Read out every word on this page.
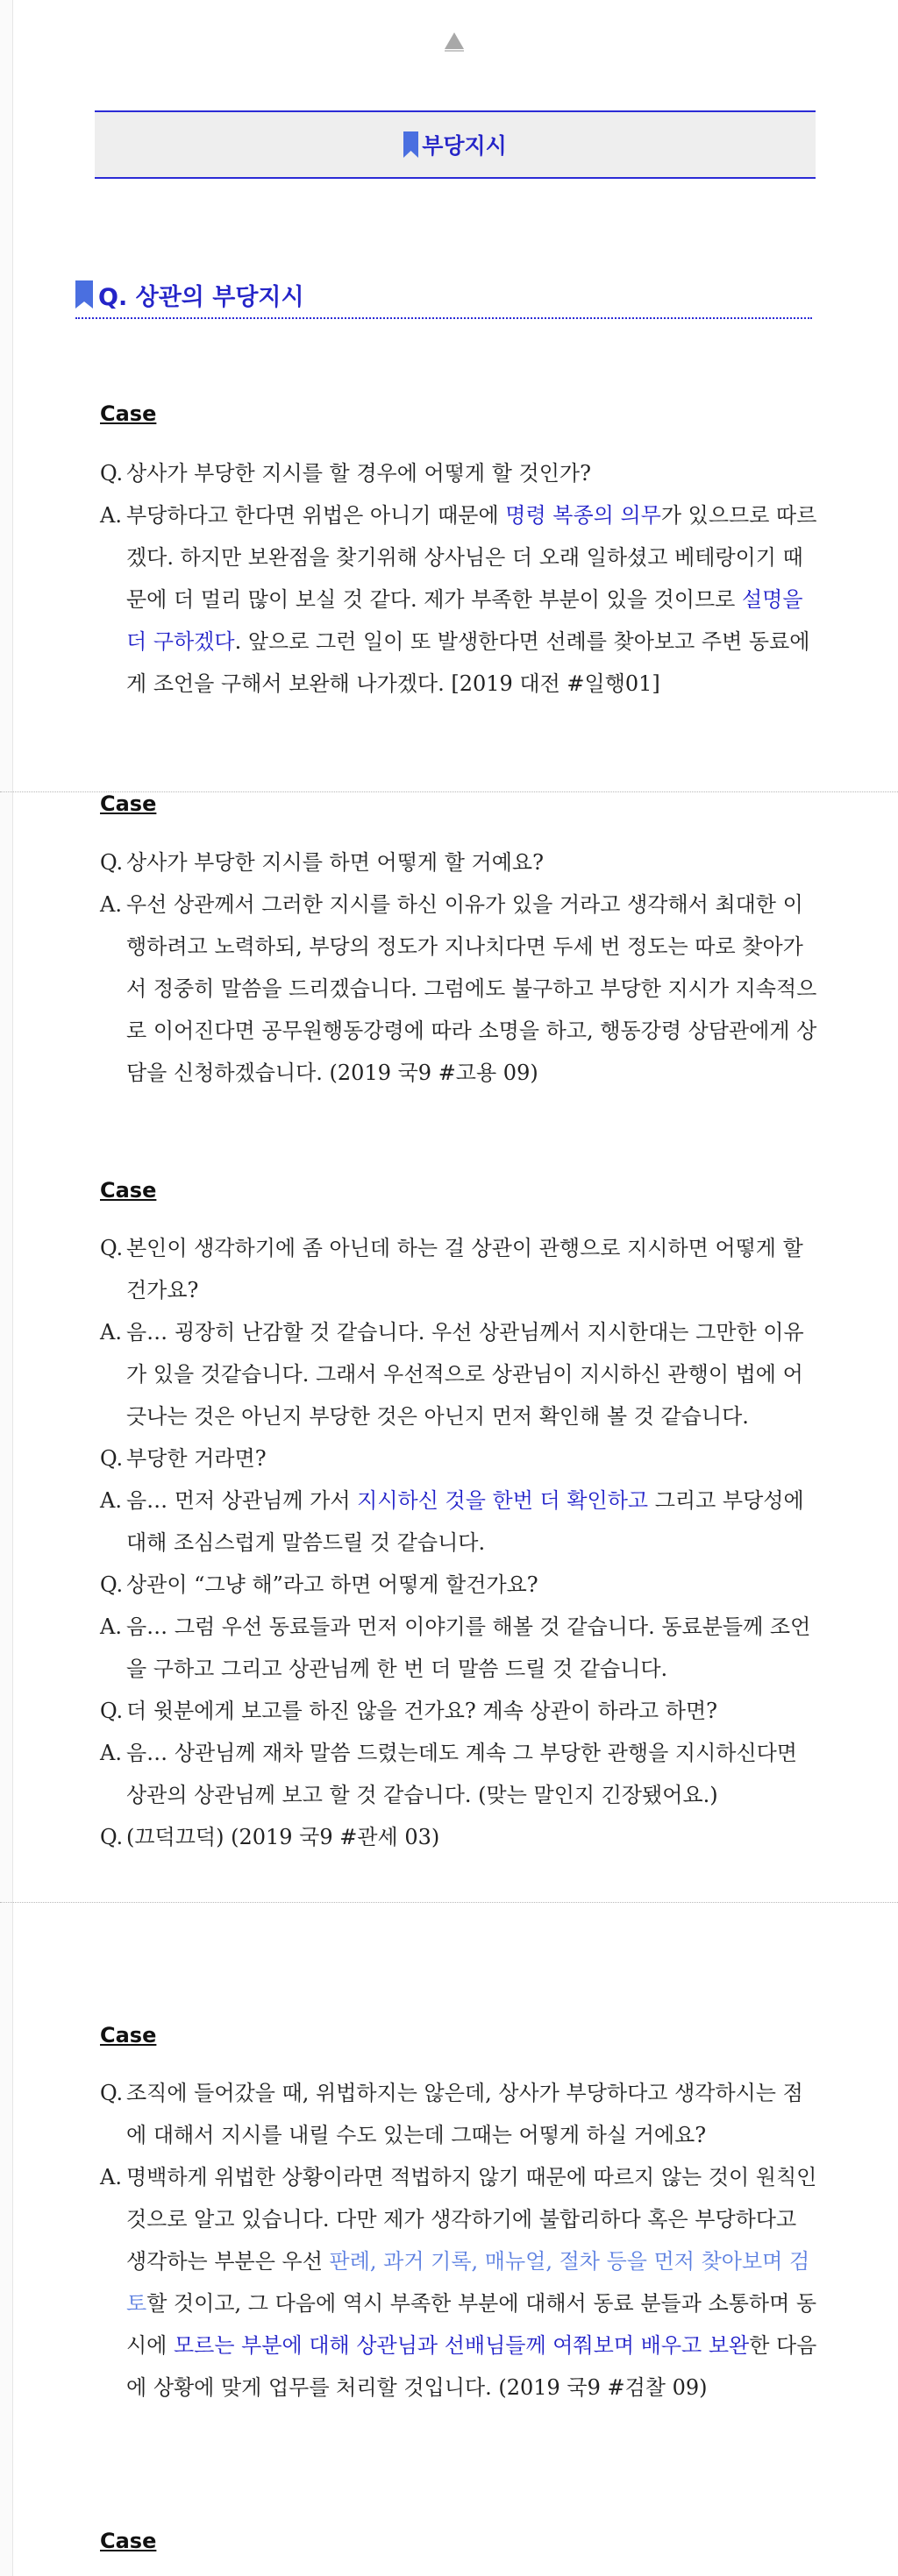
부당지시
Q. 상관의 부당지시
Case
Q. 상사가 부당한 지시를 할 경우에 어떻게 할 것인가?
A. 부당하다고 한다면 위법은 아니기 때문에 명령 복종의 의무가 있으므로 따르겠다. 하지만 보완점을 찾기위해 상사님은 더 오래 일하셨고 베테랑이기 때문에 더 멀리 많이 보실 것 같다. 제가 부족한 부분이 있을 것이므로 설명을 더 구하겠다. 앞으로 그런 일이 또 발생한다면 선례를 찾아보고 주변 동료에게 조언을 구해서 보완해 나가겠다. [2019 대전 #일행01]
Case
Q. 상사가 부당한 지시를 하면 어떻게 할 거예요?
A. 우선 상관께서 그러한 지시를 하신 이유가 있을 거라고 생각해서 최대한 이행하려고 노력하되, 부당의 정도가 지나치다면 두세 번 정도는 따로 찾아가서 정중히 말씀을 드리겠습니다. 그럼에도 불구하고 부당한 지시가 지속적으로 이어진다면 공무원행동강령에 따라 소명을 하고, 행동강령 상담관에게 상담을 신청하겠습니다. (2019 국9 #고용 09)
Case
Q. 본인이 생각하기에 좀 아닌데 하는 걸 상관이 관행으로 지시하면 어떻게 할 건가요?
A. 음… 굉장히 난감할 것 같습니다. 우선 상관님께서 지시한대는 그만한 이유가 있을 것같습니다. 그래서 우선적으로 상관님이 지시하신 관행이 법에 어긋나는 것은 아닌지 부당한 것은 아닌지 먼저 확인해 볼 것 같습니다.
Q. 부당한 거라면?
A. 음… 먼저 상관님께 가서 지시하신 것을 한번 더 확인하고 그리고 부당성에 대해 조심스럽게 말씀드릴 것 같습니다.
Q. 상관이 “그냥 해”라고 하면 어떻게 할건가요?
A. 음… 그럼 우선 동료들과 먼저 이야기를 해볼 것 같습니다. 동료분들께 조언을 구하고 그리고 상관님께 한 번 더 말씀 드릴 것 같습니다.
Q. 더 윗분에게 보고를 하진 않을 건가요? 계속 상관이 하라고 하면?
A. 음… 상관님께 재차 말씀 드렸는데도 계속 그 부당한 관행을 지시하신다면 상관의 상관님께 보고 할 것 같습니다. (맞는 말인지 긴장됐어요.)
Q. (끄덕끄덕) (2019 국9 #관세 03)
Case
Q. 조직에 들어갔을 때, 위법하지는 않은데, 상사가 부당하다고 생각하시는 점에 대해서 지시를 내릴 수도 있는데 그때는 어떻게 하실 거에요?
A. 명백하게 위법한 상황이라면 적법하지 않기 때문에 따르지 않는 것이 원칙인 것으로 알고 있습니다. 다만 제가 생각하기에 불합리하다 혹은 부당하다고 생각하는 부분은 우선 판례, 과거 기록, 매뉴얼, 절차 등을 먼저 찾아보며 검토할 것이고, 그 다음에 역시 부족한 부분에 대해서 동료 분들과 소통하며 동시에 모르는 부분에 대해 상관님과 선배님들께 여쭤보며 배우고 보완한 다음에 상황에 맞게 업무를 처리할 것입니다. (2019 국9 #검찰 09)
Case
